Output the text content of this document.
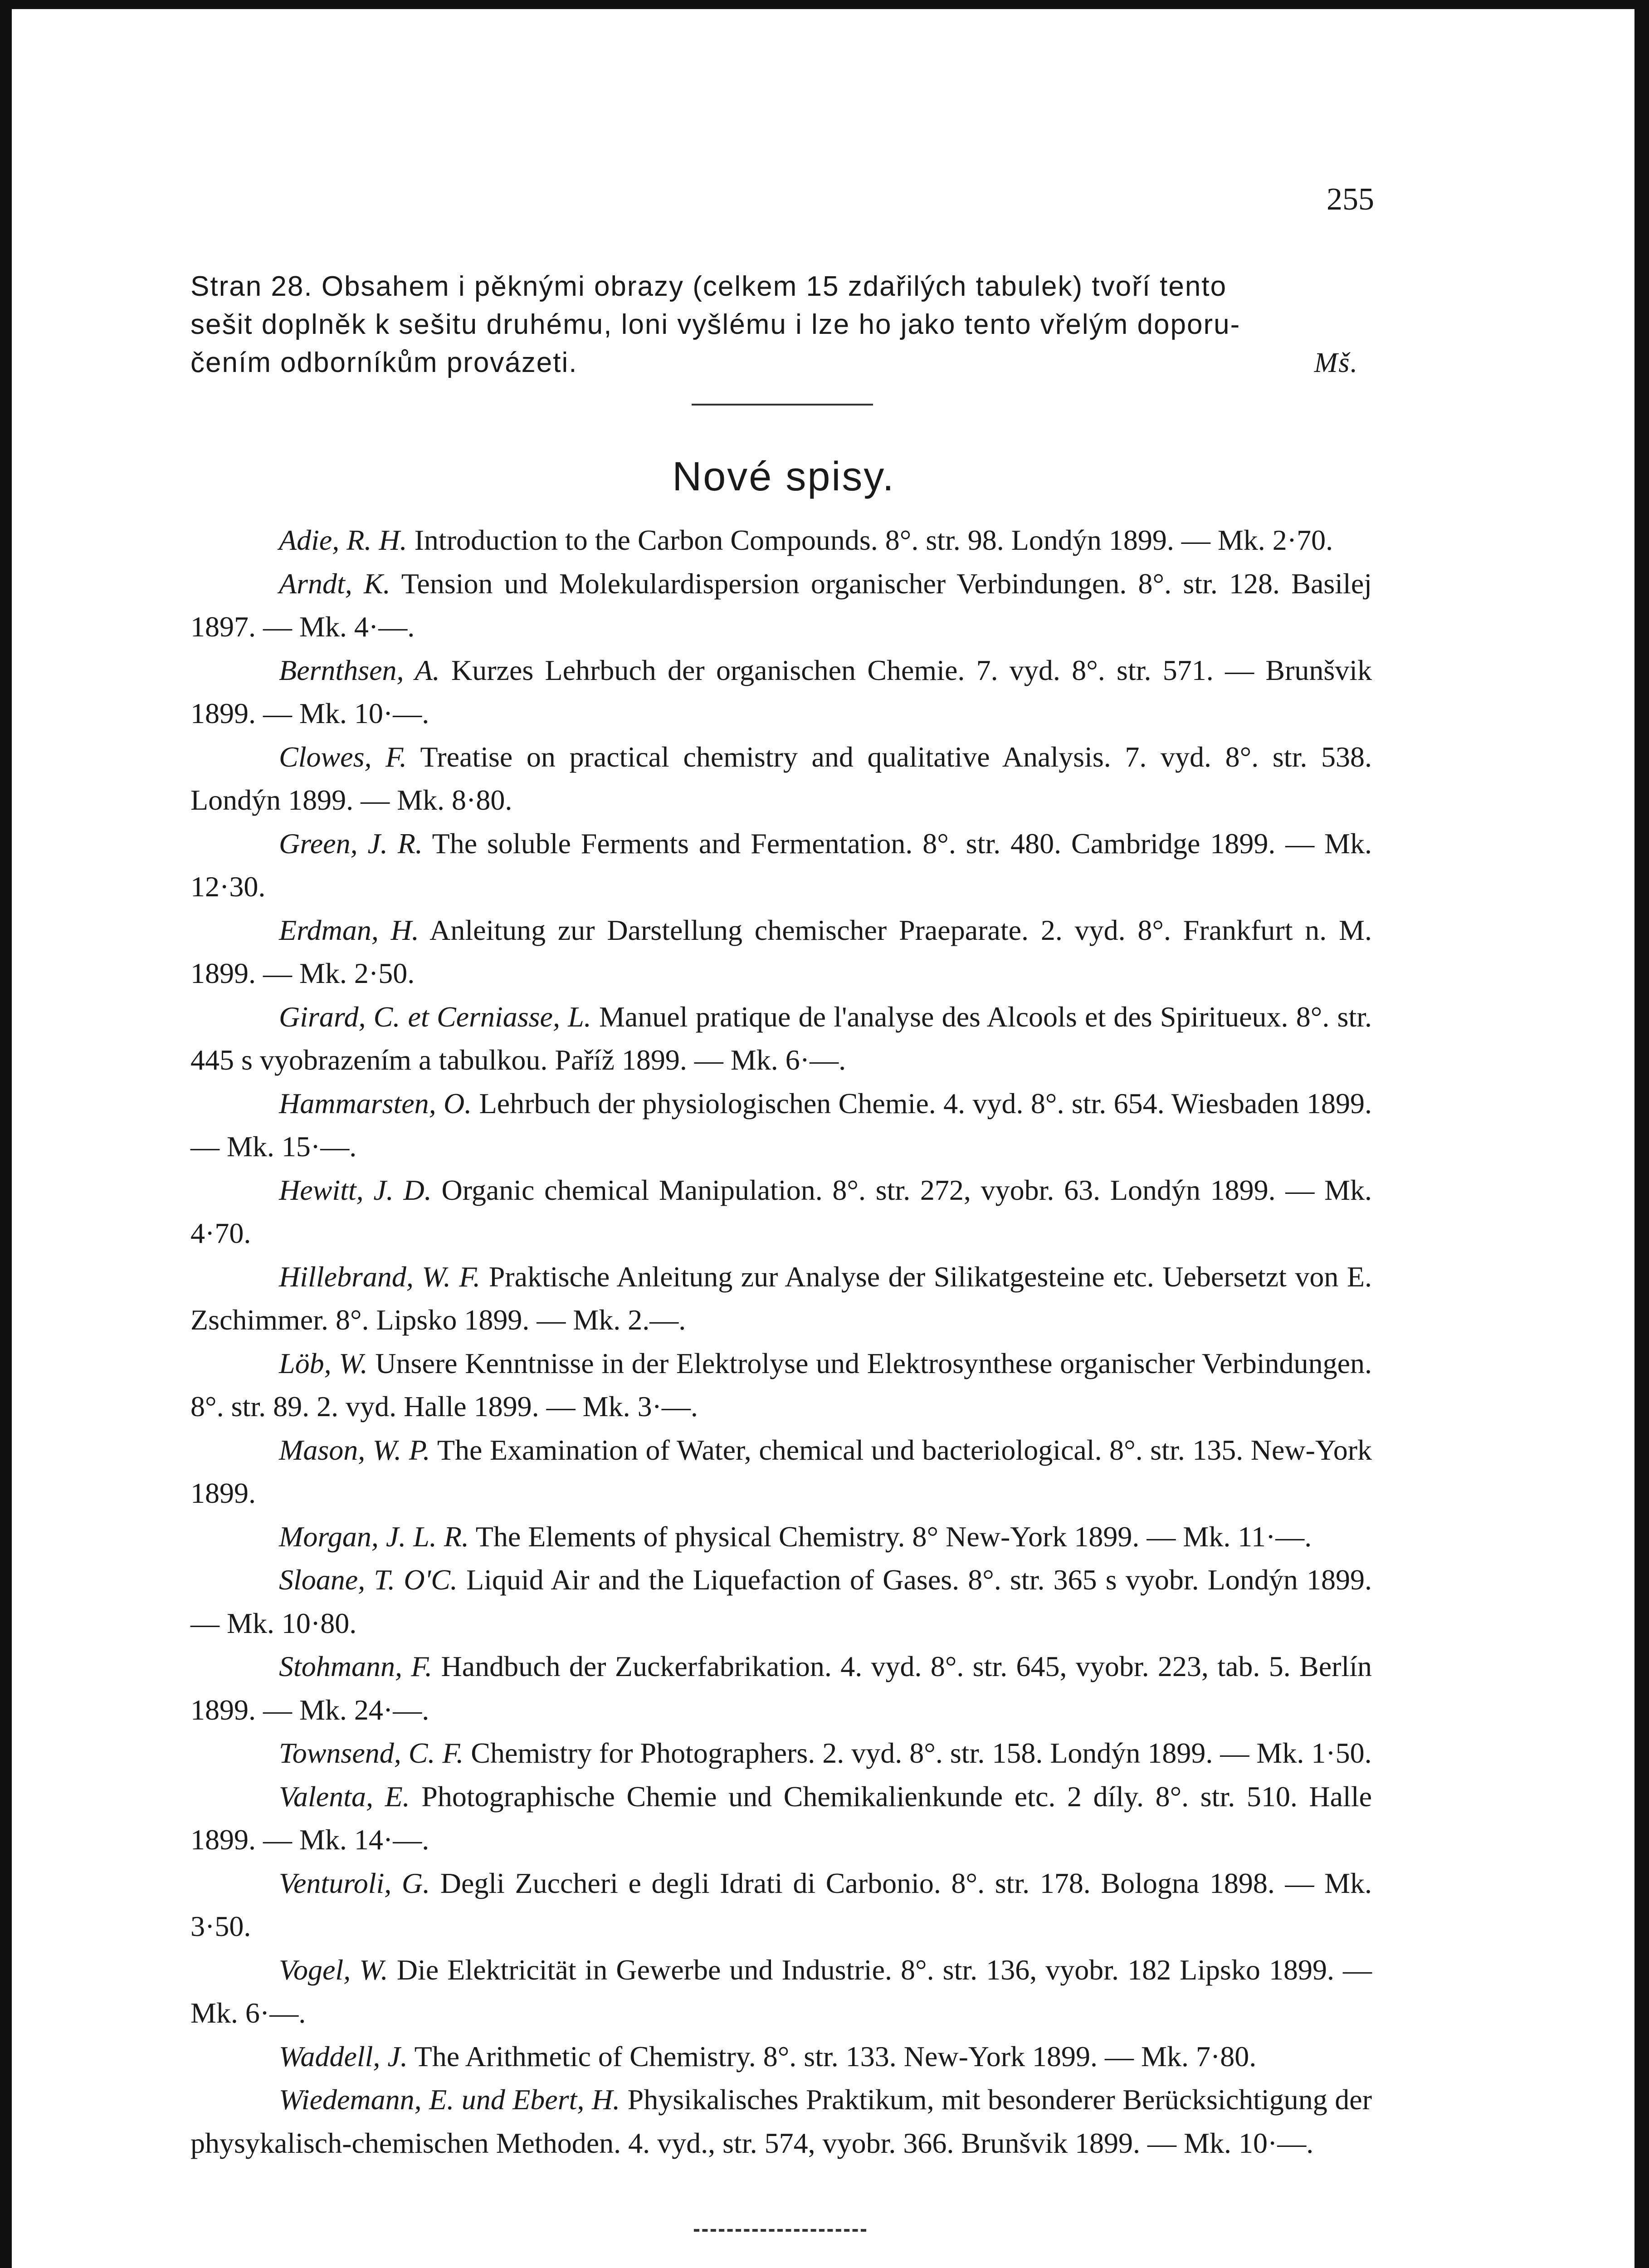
255
Stran 28. Obsahem i pěknými obrazy (celkem 15 zdařilých tabulek) tvoří tento
sešit doplněk k sešitu druhému, loni vyšlému i lze ho jako tento vřelým doporu-
čením odborníkům provázeti.	Mš.
Nové spisy.

Adie, R. H. Introduction to the Carbon Compounds. 8°. str. 98. Londýn 1899. — Mk. 2·70.

Arndt, K. Tension und Molekulardispersion organischer Verbindungen. 8°. str. 128. Basilej 1897. — Mk. 4·—.

Bernthsen, A. Kurzes Lehrbuch der organischen Chemie. 7. vyd. 8°. str. 571. — Brunšvik 1899. — Mk. 10·—.

Clowes, F. Treatise on practical chemistry and qualitative Analysis. 7. vyd. 8°. str. 538. Londýn 1899. — Mk. 8·80.

Green, J. R. The soluble Ferments and Fermentation. 8°. str. 480. Cambridge 1899. — Mk. 12·30.

Erdman, H. Anleitung zur Darstellung chemischer Praeparate. 2. vyd. 8°. Frankfurt n. M. 1899. — Mk. 2·50.

Girard, C. et Cerniasse, L. Manuel pratique de l'analyse des Alcools et des Spiritueux. 8°. str. 445 s vyobrazením a tabulkou. Paříž 1899. — Mk. 6·—.

Hammarsten, O. Lehrbuch der physiologischen Chemie. 4. vyd. 8°. str. 654. Wiesbaden 1899. — Mk. 15·—.

Hewitt, J. D. Organic chemical Manipulation. 8°. str. 272, vyobr. 63. Londýn 1899. — Mk. 4·70.

Hillebrand, W. F. Praktische Anleitung zur Analyse der Silikatgesteine etc. Uebersetzt von E. Zschimmer. 8°. Lipsko 1899. — Mk. 2.—.

Löb, W. Unsere Kenntnisse in der Elektrolyse und Elektrosynthese organischer Verbindungen. 8°. str. 89. 2. vyd. Halle 1899. — Mk. 3·—.

Mason, W. P. The Examination of Water, chemical und bacteriological. 8°. str. 135. New-York 1899.

Morgan, J. L. R. The Elements of physical Chemistry. 8° New-York 1899. — Mk. 11·—.

Sloane, T. O'C. Liquid Air and the Liquefaction of Gases. 8°. str. 365 s vyobr. Londýn 1899. — Mk. 10·80.

Stohmann, F. Handbuch der Zuckerfabrikation. 4. vyd. 8°. str. 645, vyobr. 223, tab. 5. Berlín 1899. — Mk. 24·—.

Townsend, C. F. Chemistry for Photographers. 2. vyd. 8°. str. 158. Londýn 1899. — Mk. 1·50.

Valenta, E. Photographische Chemie und Chemikalienkunde etc. 2 díly. 8°. str. 510. Halle 1899. — Mk. 14·—.

Venturoli, G. Degli Zuccheri e degli Idrati di Carbonio. 8°. str. 178. Bologna 1898. — Mk. 3·50.

Vogel, W. Die Elektricität in Gewerbe und Industrie. 8°. str. 136, vyobr. 182 Lipsko 1899. — Mk. 6·—.

Waddell, J. The Arithmetic of Chemistry. 8°. str. 133. New-York 1899. — Mk. 7·80.

Wiedemann, E. und Ebert, H. Physikalisches Praktikum, mit besonderer Berücksichtigung der physykalisch-chemischen Methoden. 4. vyd., str. 574, vyobr. 366. Brunšvik 1899. — Mk. 10·—.
